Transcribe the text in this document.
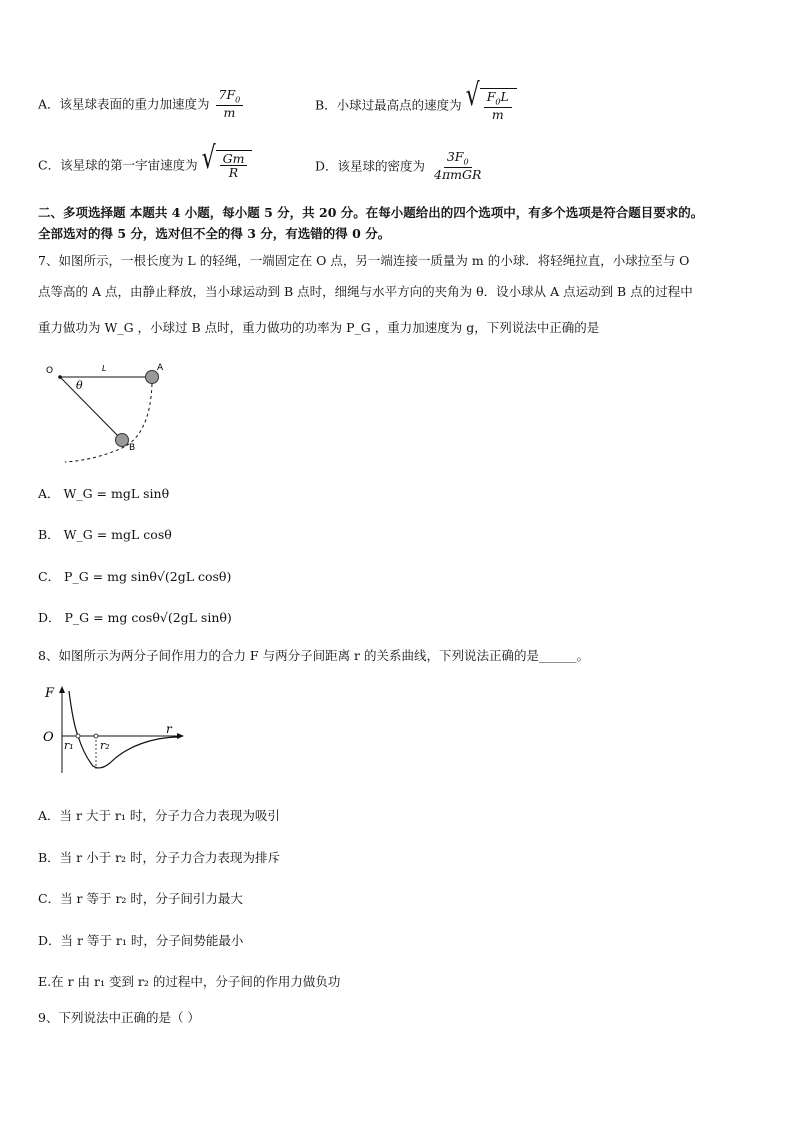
A．该星球表面的重力加速度为 $\frac{7F_0}{m}$	B．小球过最高点的速度为 √ $\frac{F_0L}{m}$
C．该星球的第一宇宙速度为 √ $\frac{Gm}{R}$	D．该星球的密度为 $\frac{3F_0}{\text{4πmGR}}$
二、多项选择题 本题共 4 小题，每小题 5 分，共 20 分。在每小题给出的四个选项中，有多个选项是符合题目要求的。
全部选对的得 5 分，选对但不全的得 3 分，有选错的得 0 分。
7、如图所示，一根长度为 L 的轻绳，一端固定在 O 点，另一端连接一质量为 m 的小球．将轻绳拉直，小球拉至与 O
点等高的 A 点，由静止释放，当小球运动到 B 点时，细绳与水平方向的夹角为 θ．设小球从 A 点运动到 B 点的过程中
重力做功为 W_G ，小球过 B 点时，重力做功的功率为 P_G ，重力加速度为 g，下列说法中正确的是
O	L	A
B
θ
A． W_G = mgL sinθ
B． W_G = mgL cosθ
C． P_G = mg sinθ√(2gL cosθ)
D． P_G = mg cosθ√(2gL sinθ)
8、如图所示为两分子间作用力的合力 F 与两分子间距离 r 的关系曲线，下列说法正确的是______。
F
O
r₁ r₂
r
A．当 r 大于 r₁ 时，分子力合力表现为吸引
B．当 r 小于 r₂ 时，分子力合力表现为排斥
C．当 r 等于 r₂ 时，分子间引力最大
D．当 r 等于 r₁ 时，分子间势能最小
E.在 r 由 r₁ 变到 r₂ 的过程中，分子间的作用力做负功
9、下列说法中正确的是（ ）
